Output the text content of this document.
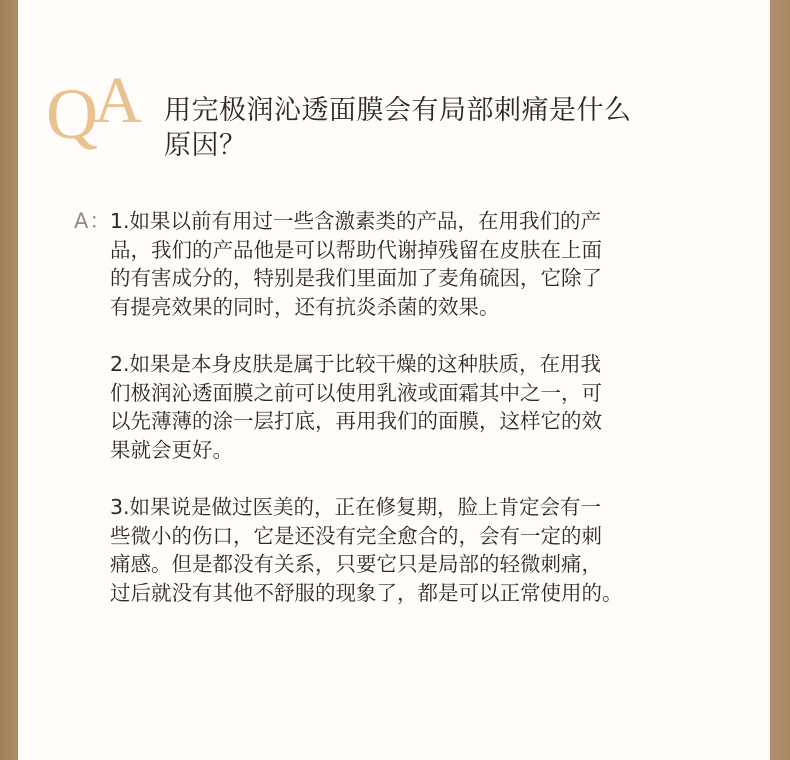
Q
A 用完极润沁透面膜会有局部刺痛是什么
原因？
A：

1.如果以前有用过一些含激素类的产品，在用我们的产
品，我们的产品他是可以帮助代谢掉残留在皮肤在上面
的有害成分的，特别是我们里面加了麦角硫因，它除了
有提亮效果的同时，还有抗炎杀菌的效果。

2.如果是本身皮肤是属于比较干燥的这种肤质，在用我
们极润沁透面膜之前可以使用乳液或面霜其中之一，可
以先薄薄的涂一层打底，再用我们的面膜，这样它的效
果就会更好。

3.如果说是做过医美的，正在修复期，脸上肯定会有一
些微小的伤口，它是还没有完全愈合的，会有一定的刺
痛感。但是都没有关系，只要它只是局部的轻微刺痛，
过后就没有其他不舒服的现象了，都是可以正常使用的。
